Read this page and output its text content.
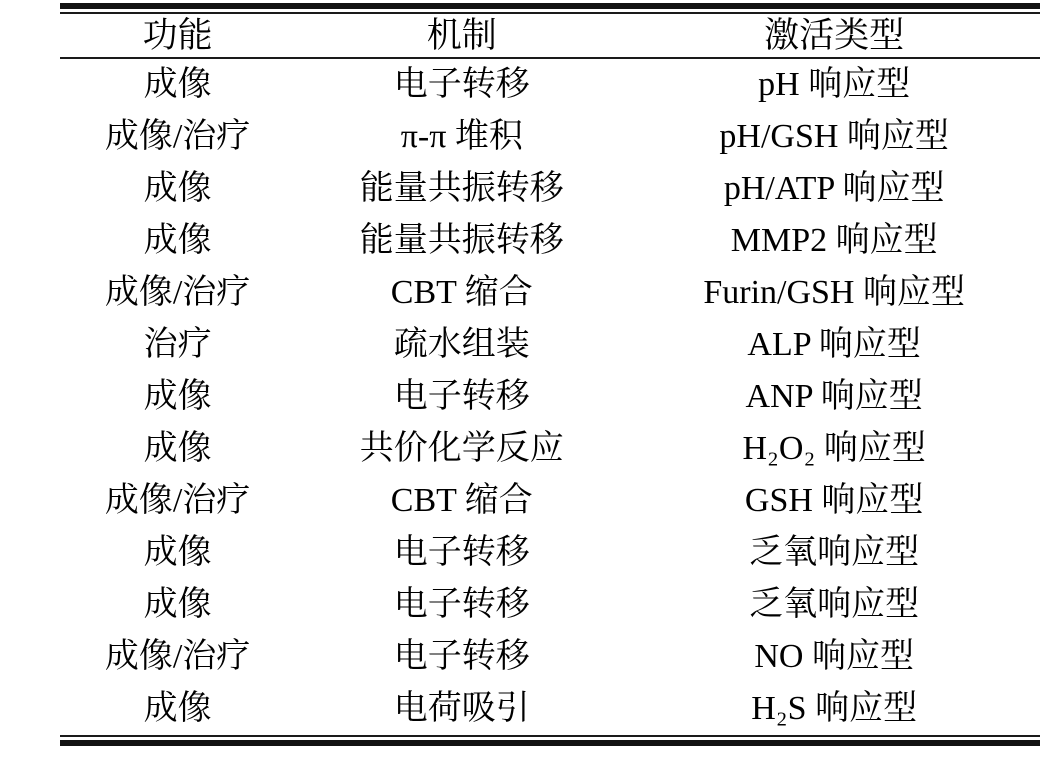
功能	机制	激活类型
成像	电子转移	pH 响应型
成像/治疗	π-π 堆积	pH/GSH 响应型
成像	能量共振转移	pH/ATP 响应型
成像	能量共振转移	MMP2 响应型
成像/治疗	CBT 缩合	Furin/GSH 响应型
治疗	疏水组装	ALP 响应型
成像	电子转移	ANP 响应型
成像	共价化学反应	H₂O₂ 响应型
成像/治疗	CBT 缩合	GSH 响应型
成像	电子转移	乏氧响应型
成像	电子转移	乏氧响应型
成像/治疗	电子转移	NO 响应型
成像	电荷吸引	H₂S 响应型
